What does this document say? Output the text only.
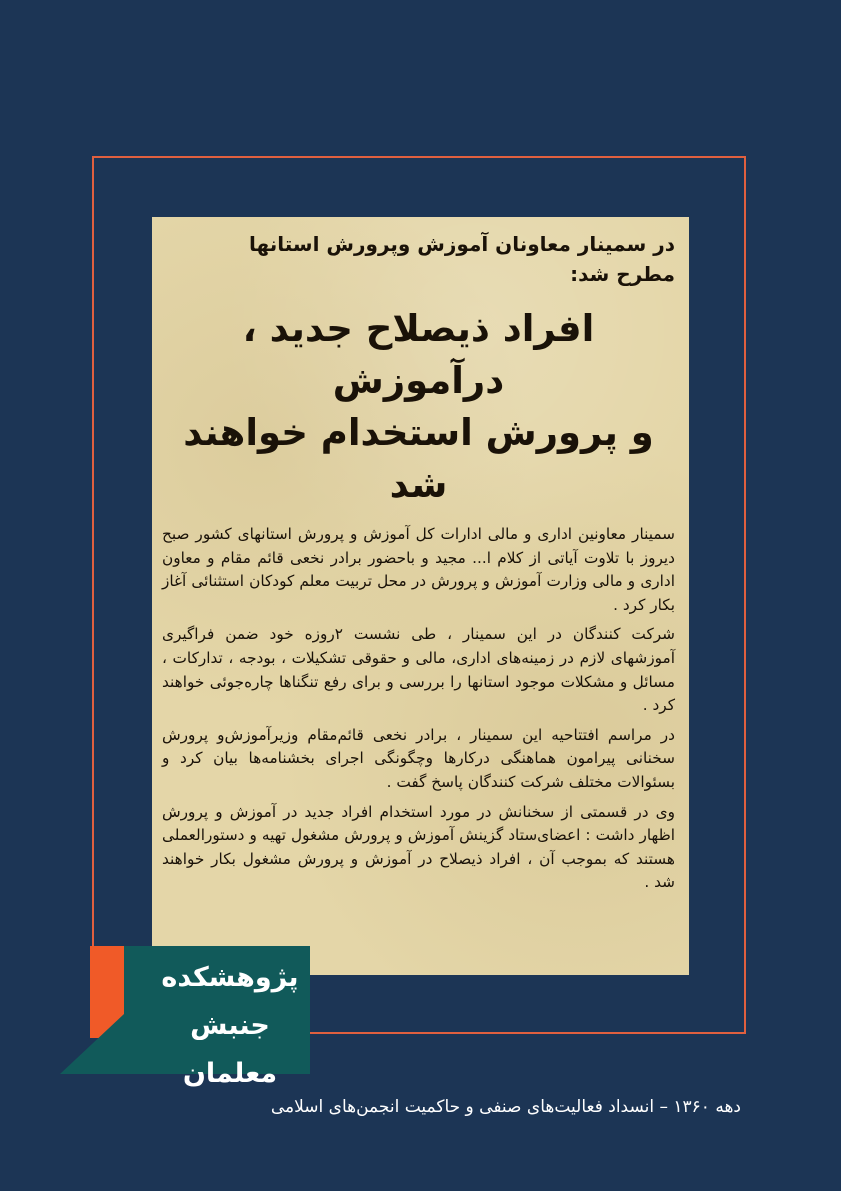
در سمینار معاونان آموزش وپرورش استانها
مطرح شد:
افراد ذیصلاح جدید ، درآموزش
و پرورش استخدام خواهند شد

سمینار معاونین اداری و مالی ادارات کل آموزش و پرورش استانهای کشور صبح دیروز با تلاوت آیاتی از کلام ا... مجید و باحضور برادر نخعی قائم مقام و معاون اداری و مالی وزارت آموزش و پرورش در محل تربیت معلم کودکان استثنائی آغاز بکار کرد .

شرکت کنندگان در این سمینار ، طی نشست ۲روزه خود ضمن فراگیری آموزشهای لازم در زمینه‌های اداری، مالی و حقوقی تشکیلات ، بودجه ، تدارکات ، مسائل و مشکلات موجود استانها را بررسی و برای رفع تنگناها چاره‌جوئی خواهند کرد .

در مراسم افتتاحیه این سمینار ، برادر نخعی قائم‌مقام وزیرآموزش‌و پرورش سخنانی پیرامون هماهنگی درکارها وچگونگی اجرای بخشنامه‌ها بیان کرد و بسئوالات مختلف شرکت کنندگان پاسخ گفت .

وی در قسمتی از سخنانش در مورد استخدام افراد جدید در آموزش و پرورش اظهار داشت : اعضای‌ستاد گزینش آموزش و پرورش مشغول تهیه و دستورالعملی هستند که بموجب آن ، افراد ذیصلاح در آموزش و پرورش مشغول بکار خواهند شد .

پژوهشکده
جنبش معلمان
دهه ۱۳۶۰ – انسداد فعالیت‌های صنفی و حاکمیت انجمن‌های اسلامی
